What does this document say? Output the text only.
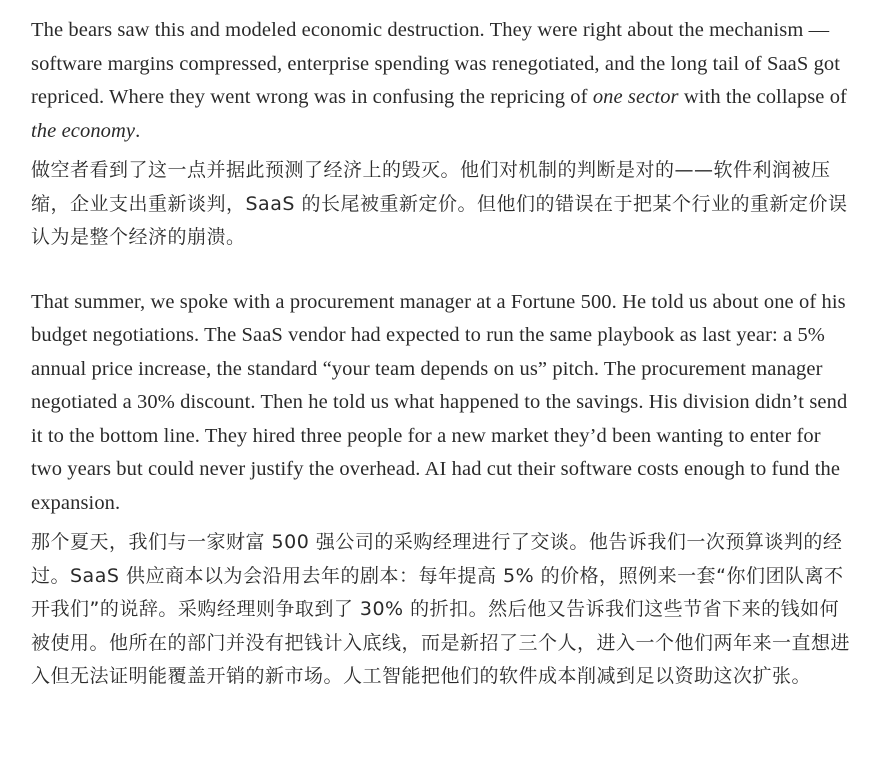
The bears saw this and modeled economic destruction. They were right about the mechanism — software margins compressed, enterprise spending was renegotiated, and the long tail of SaaS got repriced. Where they went wrong was in confusing the repricing of one sector with the collapse of the economy.

做空者看到了这一点并据此预测了经济上的毁灭。他们对机制的判断是对的——软件利润被压缩，企业支出重新谈判，SaaS 的长尾被重新定价。但他们的错误在于把某个行业的重新定价误认为是整个经济的崩溃。

That summer, we spoke with a procurement manager at a Fortune 500. He told us about one of his budget negotiations. The SaaS vendor had expected to run the same playbook as last year: a 5% annual price increase, the standard “your team depends on us” pitch. The procurement manager negotiated a 30% discount. Then he told us what happened to the savings. His division didn’t send it to the bottom line. They hired three people for a new market they’d been wanting to enter for two years but could never justify the overhead. AI had cut their software costs enough to fund the expansion.

那个夏天，我们与一家财富 500 强公司的采购经理进行了交谈。他告诉我们一次预算谈判的经过。SaaS 供应商本以为会沿用去年的剧本：每年提高 5% 的价格，照例来一套“你们团队离不开我们”的说辞。采购经理则争取到了 30% 的折扣。然后他又告诉我们这些节省下来的钱如何被使用。他所在的部门并没有把钱计入底线，而是新招了三个人，进入一个他们两年来一直想进入但无法证明能覆盖开销的新市场。人工智能把他们的软件成本削减到足以资助这次扩张。
